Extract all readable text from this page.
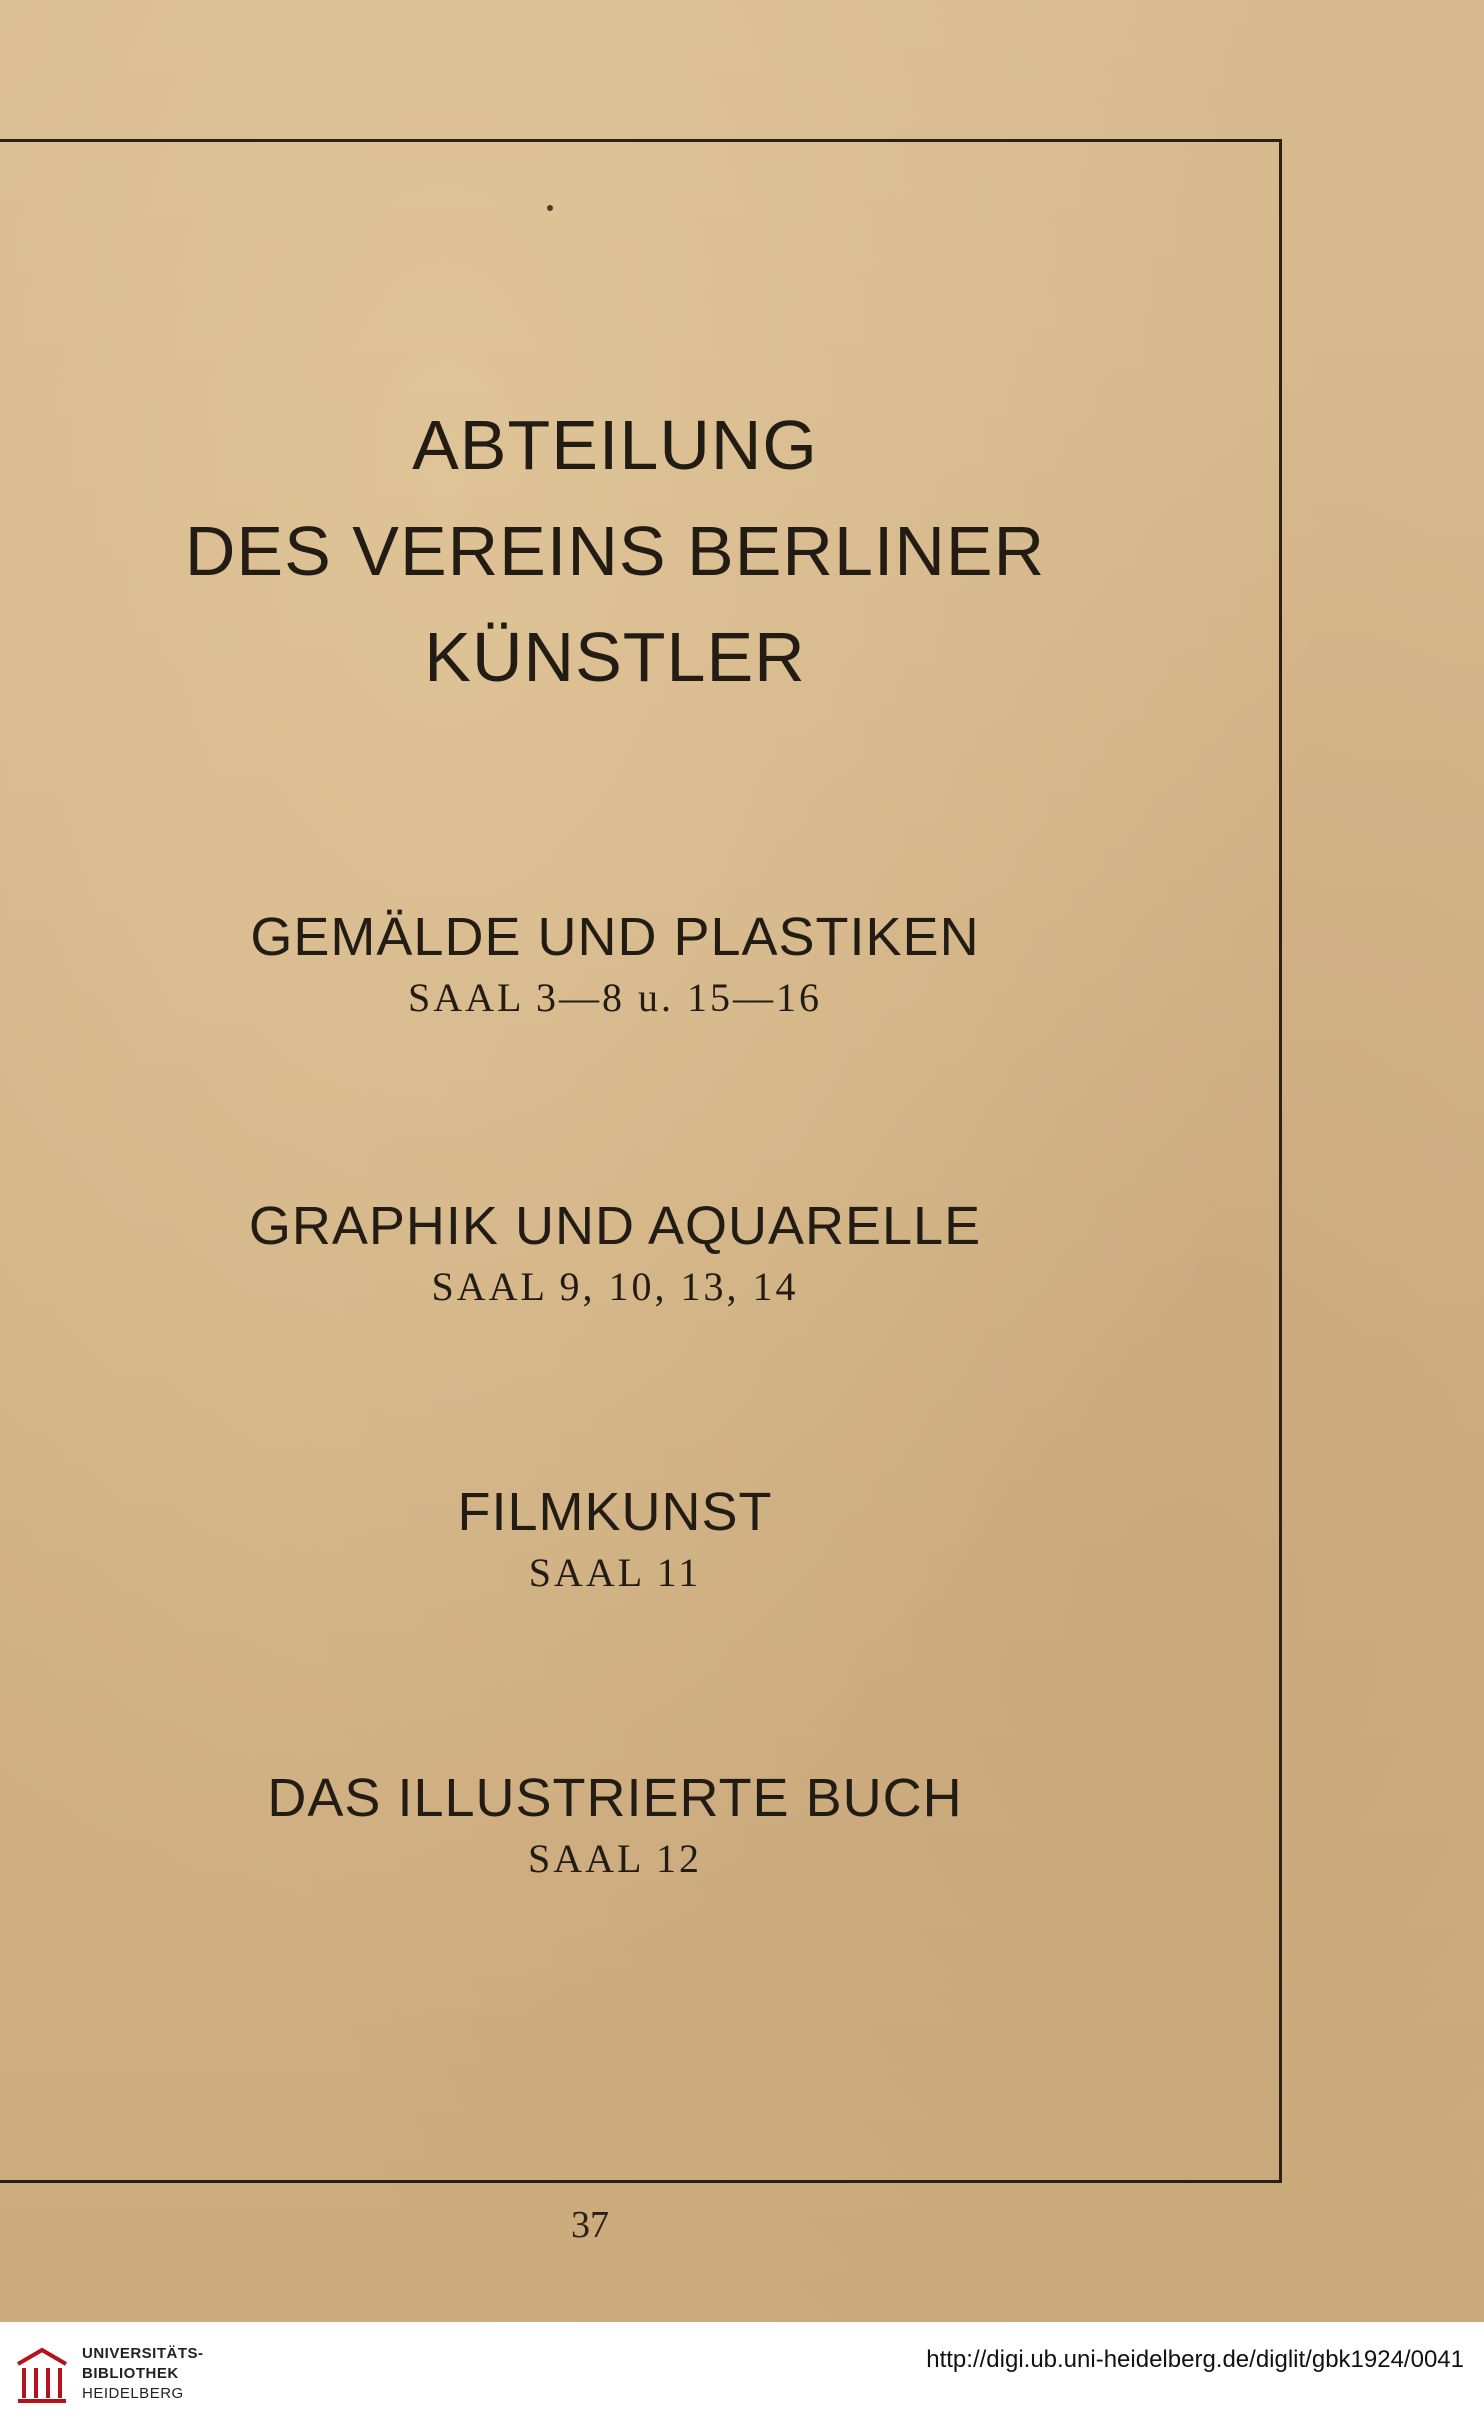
ABTEILUNG
DES VEREINS BERLINER
KÜNSTLER
GEMÄLDE UND PLASTIKEN
SAAL 3—8 u. 15—16
GRAPHIK UND AQUARELLE
SAAL 9, 10, 13, 14
FILMKUNST
SAAL 11
DAS ILLUSTRIERTE BUCH
SAAL 12
37
UNIVERSITÄTS-
BIBLIOTHEK
HEIDELBERG
http://digi.ub.uni-heidelberg.de/diglit/gbk1924/0041
